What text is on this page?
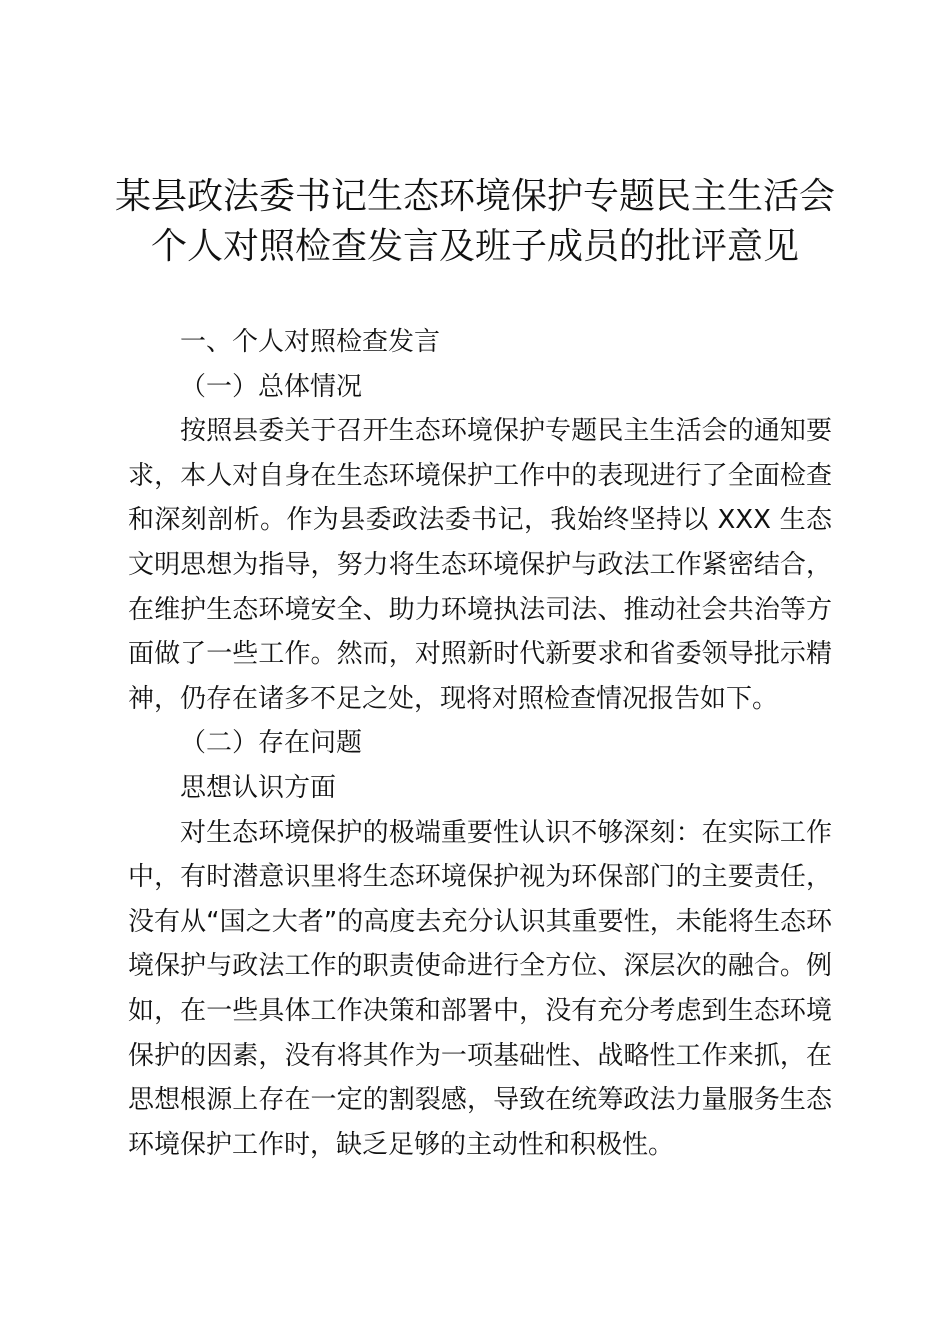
某县政法委书记生态环境保护专题民主生活会
个人对照检查发言及班子成员的批评意见

一、个人对照检查发言

（一）总体情况

按照县委关于召开生态环境保护专题民主生活会的通知要求，本人对自身在生态环境保护工作中的表现进行了全面检查和深刻剖析。作为县委政法委书记，我始终坚持以 XXX 生态文明思想为指导，努力将生态环境保护与政法工作紧密结合，在维护生态环境安全、助力环境执法司法、推动社会共治等方面做了一些工作。然而，对照新时代新要求和省委领导批示精神，仍存在诸多不足之处，现将对照检查情况报告如下。

（二）存在问题

思想认识方面

对生态环境保护的极端重要性认识不够深刻：在实际工作中，有时潜意识里将生态环境保护视为环保部门的主要责任，没有从“国之大者”的高度去充分认识其重要性，未能将生态环境保护与政法工作的职责使命进行全方位、深层次的融合。例如，在一些具体工作决策和部署中，没有充分考虑到生态环境保护的因素，没有将其作为一项基础性、战略性工作来抓，在思想根源上存在一定的割裂感，导致在统筹政法力量服务生态环境保护工作时，缺乏足够的主动性和积极性。
